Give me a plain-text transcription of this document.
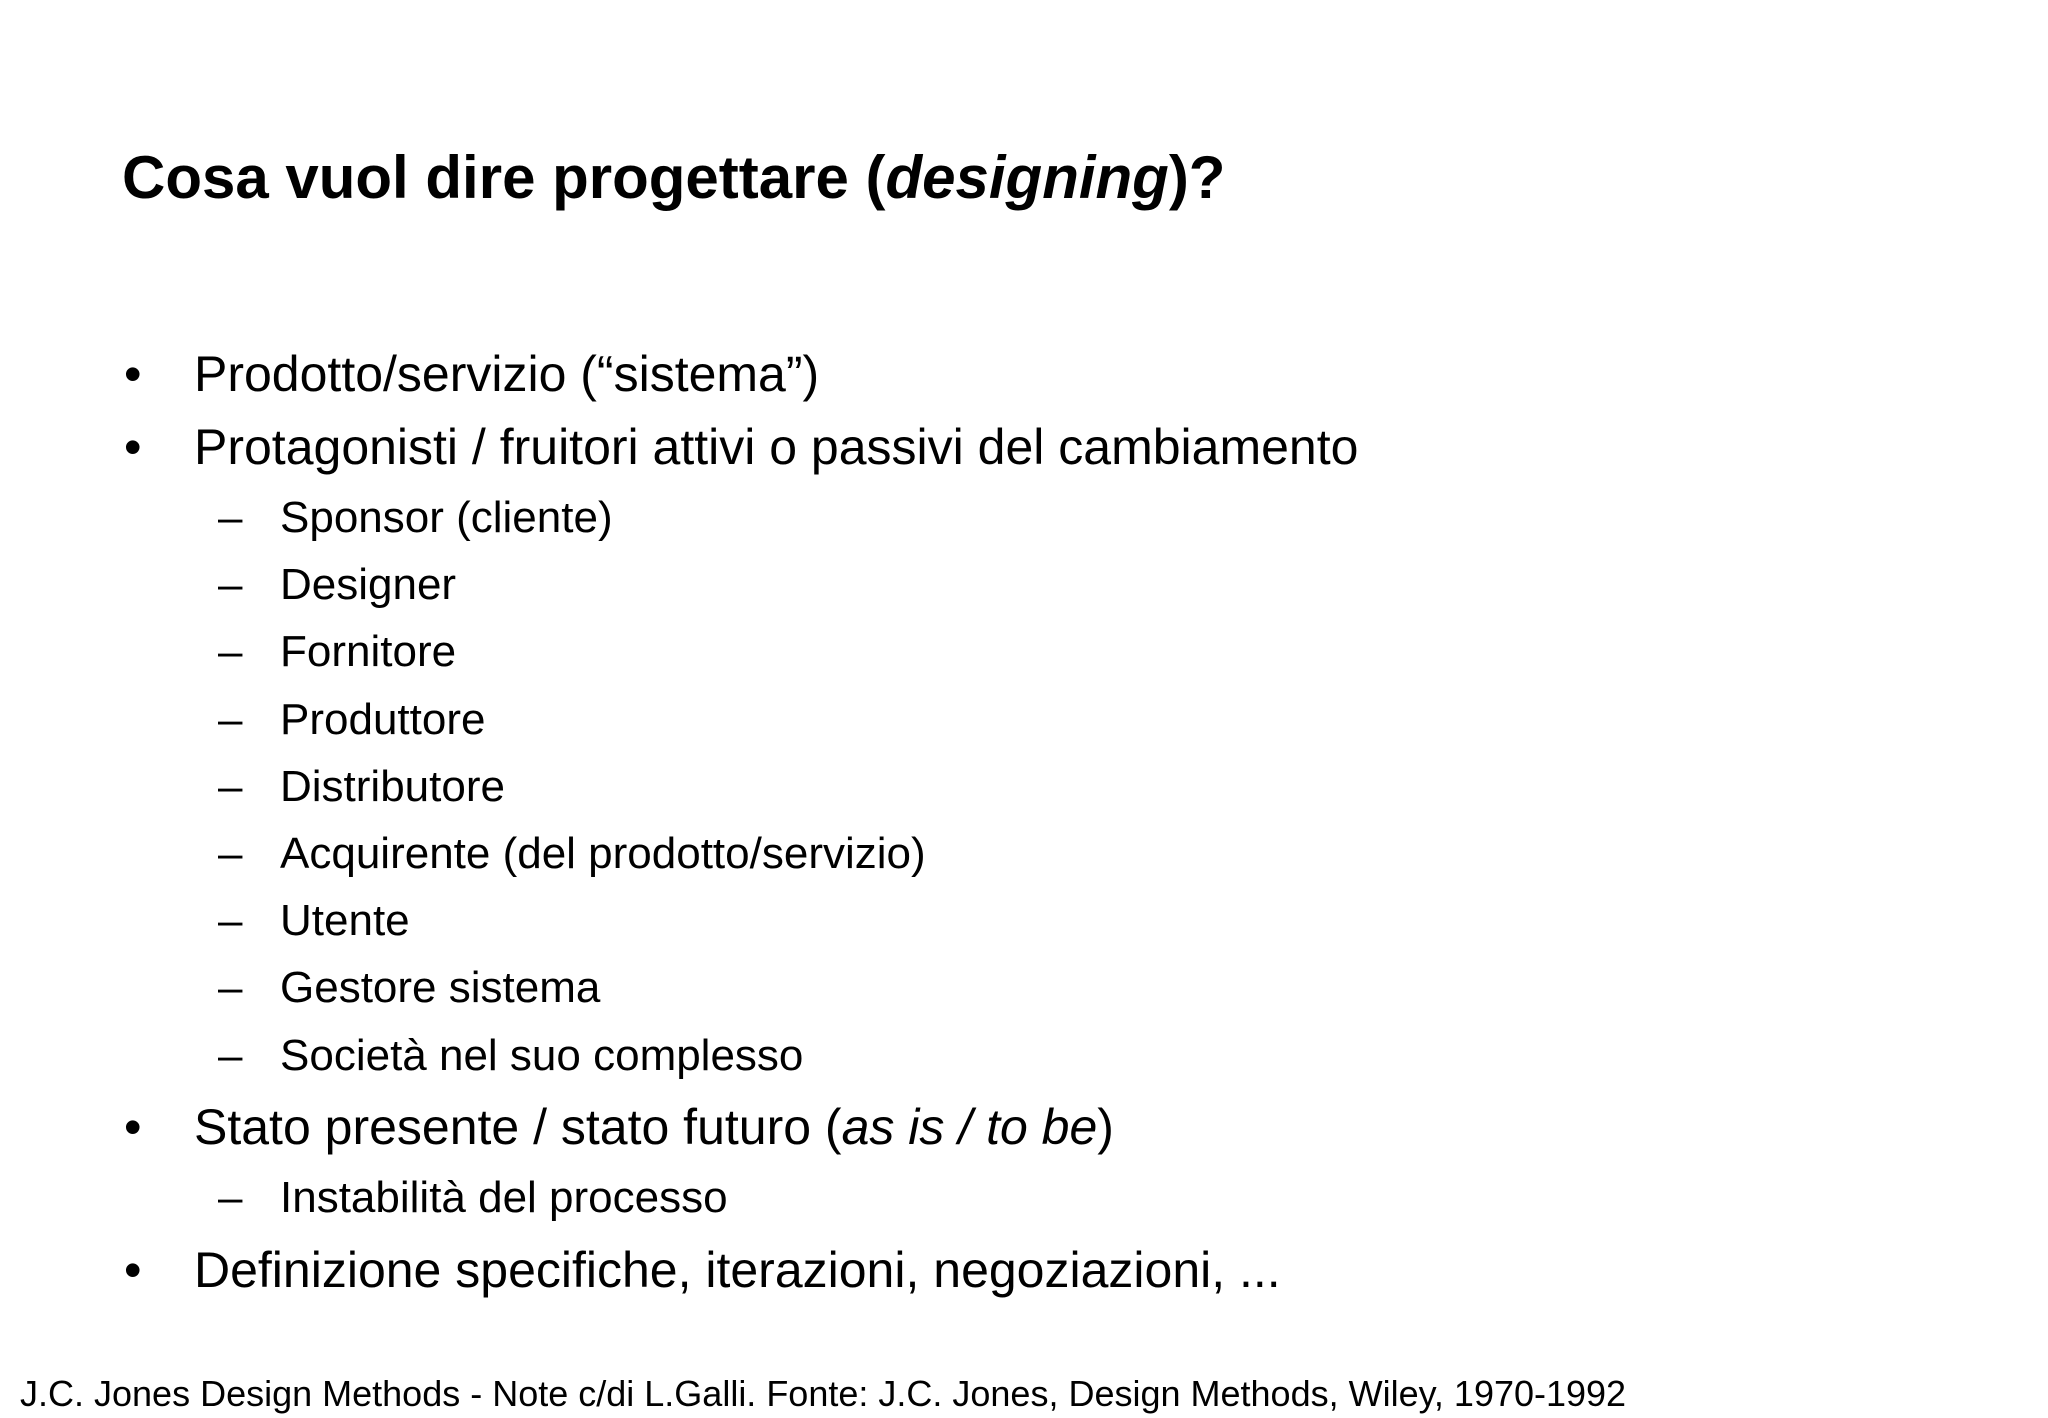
Cosa vuol dire progettare (designing)?
•	Prodotto/servizio (“sistema”)
•	Protagonisti / fruitori attivi o passivi del cambiamento
– Sponsor (cliente)
– Designer
– Fornitore
– Produttore
– Distributore
– Acquirente (del prodotto/servizio)
– Utente
– Gestore sistema
– Società nel suo complesso
•	Stato presente / stato futuro (as is / to be)
– Instabilità del processo
•	Definizione specifiche, iterazioni, negoziazioni, ...
J.C. Jones Design Methods - Note c/di L.Galli. Fonte: J.C. Jones, Design Methods, Wiley, 1970-1992
